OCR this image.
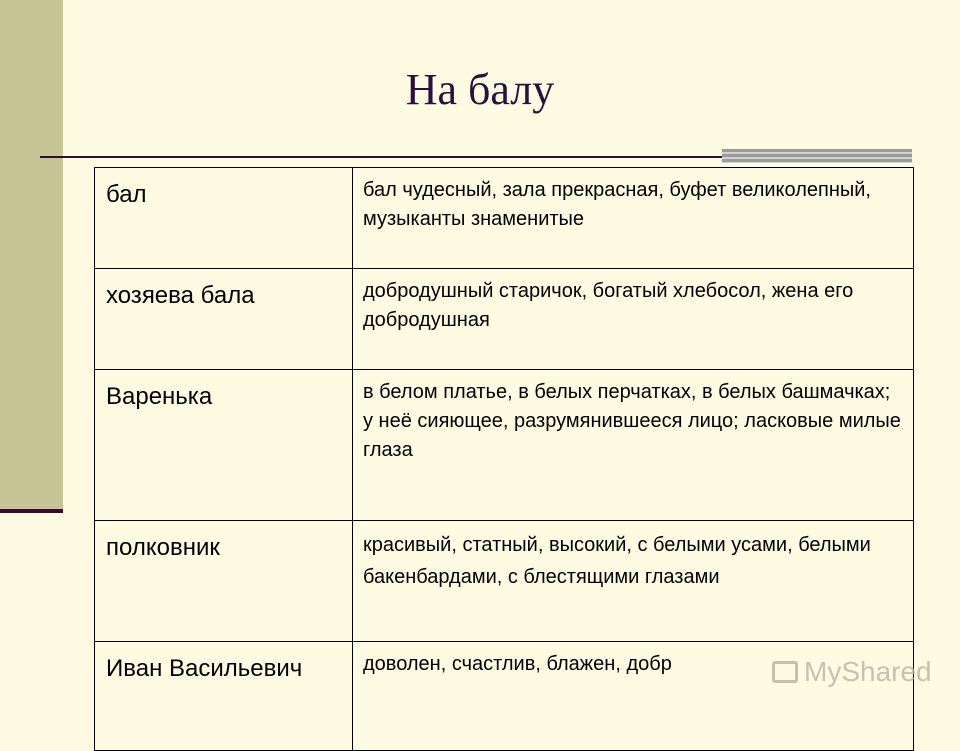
На балу
бал	бал чудесный, зала прекрасная, буфет великолепный, музыканты знаменитые
хозяева бала	добродушный старичок, богатый хлебосол, жена его добродушная
Варенька	в белом платье, в белых перчатках, в белых башмачках; у неё сияющее, разрумянившееся лицо; ласковые милые глаза
полковник	красивый, статный, высокий, с белыми усами, белыми бакенбардами, с блестящими глазами
Иван Васильевич	доволен, счастлив, блажен, добр	MyShared
